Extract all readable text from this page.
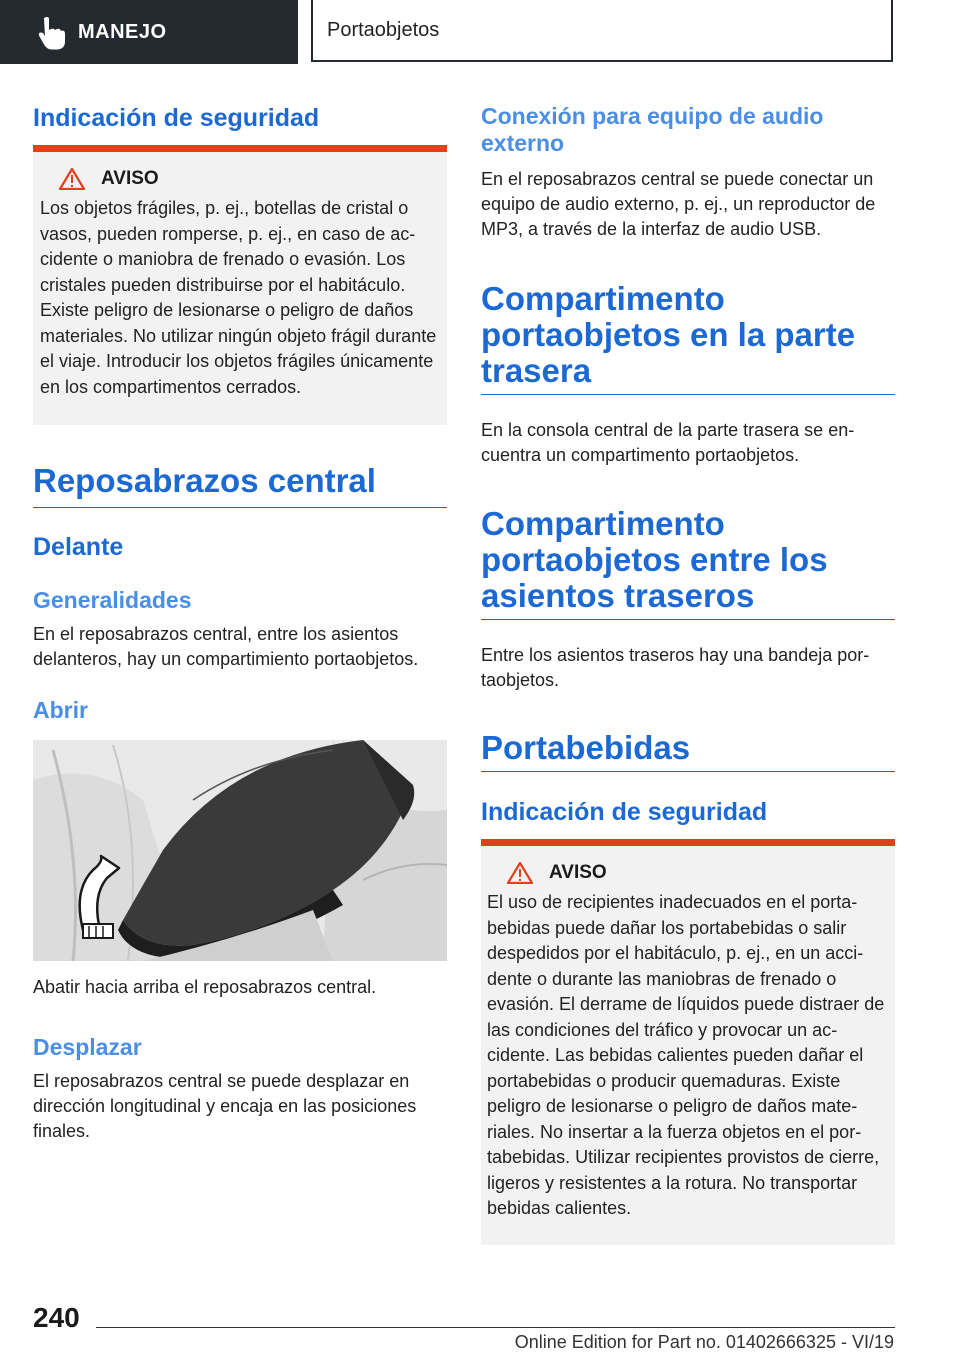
MANEJO	Portaobjetos
Indicación de seguridad
AVISO

Los objetos frágiles, p. ej., botellas de cristal o vasos, pueden romperse, p. ej., en caso de accidente o maniobra de frenado o evasión. Los cristales pueden distribuirse por el habitáculo. Existe peligro de lesionarse o peligro de daños materiales. No utilizar ningún objeto frágil durante el viaje. Introducir los objetos frágiles únicamente en los compartimentos cerrados.

Reposabrazos central
Delante
Generalidades

En el reposabrazos central, entre los asientos delanteros, hay un compartimiento portaobjetos.

Abrir

Abatir hacia arriba el reposabrazos central.

Desplazar

El reposabrazos central se puede desplazar en dirección longitudinal y encaja en las posiciones finales.

Conexión para equipo de audio externo

En el reposabrazos central se puede conectar un equipo de audio externo, p. ej., un reproductor de MP3, a través de la interfaz de audio USB.

Compartimento portaobjetos en la parte trasera

En la consola central de la parte trasera se encuentra un compartimento portaobjetos.

Compartimento portaobjetos entre los asientos traseros

Entre los asientos traseros hay una bandeja portaobjetos.

Portabebidas
Indicación de seguridad
AVISO

El uso de recipientes inadecuados en el portabebidas puede dañar los portabebidas o salir despedidos por el habitáculo, p. ej., en un accidente o durante las maniobras de frenado o evasión. El derrame de líquidos puede distraer de las condiciones del tráfico y provocar un accidente. Las bebidas calientes pueden dañar el portabebidas o producir quemaduras. Existe peligro de lesionarse o peligro de daños materiales. No insertar a la fuerza objetos en el portabebidas. Utilizar recipientes provistos de cierre, ligeros y resistentes a la rotura. No transportar bebidas calientes.

240
Online Edition for Part no. 01402666325 - VI/19
